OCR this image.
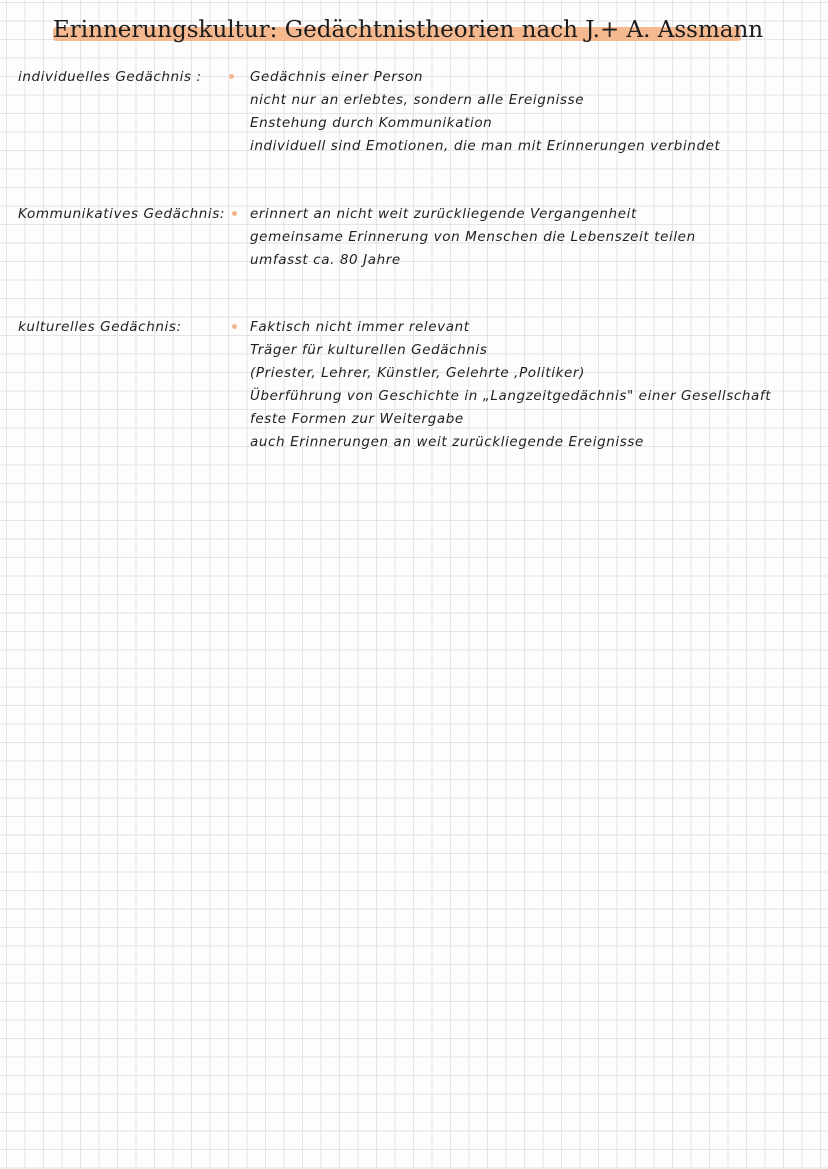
Erinnerungskultur: Gedächtnistheorien nach J.+ A. Assmann
individuelles Gedächnis :	Gedächnis einer Person
nicht nur an erlebtes, sondern alle Ereignisse
Enstehung durch Kommunikation
individuell sind Emotionen, die man mit Erinnerungen verbindet
Kommunikatives Gedächnis: erinnert an nicht weit zurückliegende Vergangenheit
gemeinsame Erinnerung von Menschen die Lebenszeit teilen
umfasst ca. 80 Jahre
kulturelles Gedächnis:	Faktisch nicht immer relevant
Träger für kulturellen Gedächnis
(Priester, Lehrer, Künstler, Gelehrte ,Politiker)
Überführung von Geschichte in „Langzeitgedächnis" einer Gesellschaft
feste Formen zur Weitergabe
auch Erinnerungen an weit zurückliegende Ereignisse
